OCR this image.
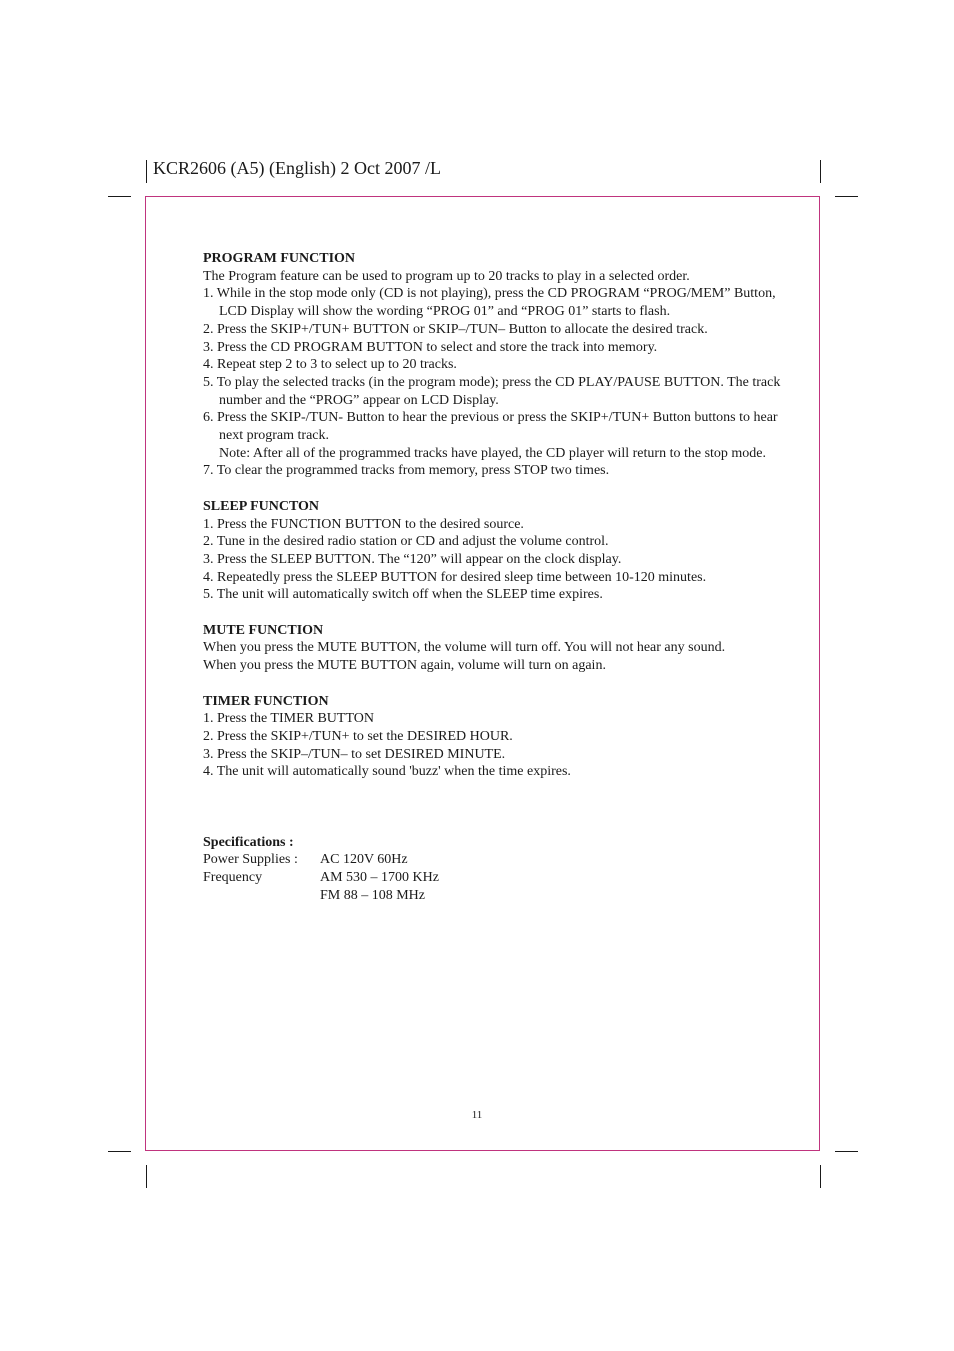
KCR2606 (A5) (English) 2 Oct 2007 /L
PROGRAM FUNCTION

The Program feature can be used to program up to 20 tracks to play in a selected order.

1. While in the stop mode only (CD is not playing), press the CD PROGRAM “PROG/MEM” Button, LCD Display will show the wording “PROG 01” and “PROG 01” starts to flash.
2. Press the SKIP+/TUN+ BUTTON or SKIP–/TUN– Button to allocate the desired track.
3. Press the CD PROGRAM BUTTON to select and store the track into memory.
4. Repeat step 2 to 3 to select up to 20 tracks.
5. To play the selected tracks (in the program mode); press the CD PLAY/PAUSE BUTTON. The track number and the “PROG” appear on LCD Display.
6. Press the SKIP-/TUN- Button to hear the previous or press the SKIP+/TUN+ Button buttons to hear next program track.

Note: After all of the programmed tracks have played, the CD player will return to the stop mode.

7. To clear the programmed tracks from memory, press STOP two times.
SLEEP FUNCTON
1. Press the FUNCTION BUTTON to the desired source.
2. Tune in the desired radio station or CD and adjust the volume control.
3. Press the SLEEP BUTTON. The “120” will appear on the clock display.
4. Repeatedly press the SLEEP BUTTON for desired sleep time between 10-120 minutes.
5. The unit will automatically switch off when the SLEEP time expires.
MUTE FUNCTION

When you press the MUTE BUTTON, the volume will turn off. You will not hear any sound.

When you press the MUTE BUTTON again, volume will turn on again.

TIMER FUNCTION
1. Press the TIMER BUTTON
2. Press the SKIP+/TUN+ to set the DESIRED HOUR.
3. Press the SKIP–/TUN– to set DESIRED MINUTE.
4. The unit will automatically sound 'buzz' when the time expires.
Specifications :
Power Supplies :	AC 120V 60Hz
Frequency	AM 530 – 1700 KHz
	FM 88 – 108 MHz
11
